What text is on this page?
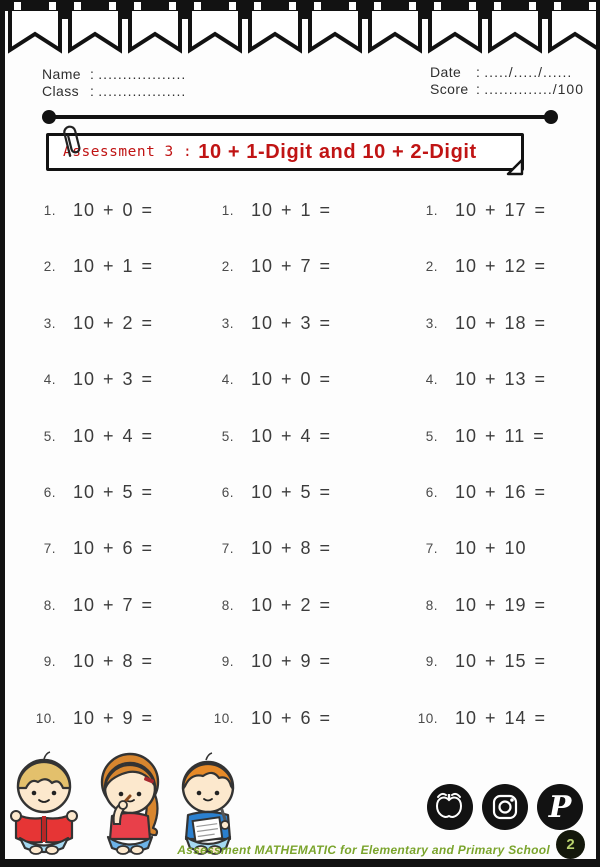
Name : ..................
Class : ..................
Date	: ...../...../......
Score : ............../100
Assessment 3 : 10 + 1-Digit and 10 + 2-Digit
1. 10 + 0 =
2. 10 + 1 =
3. 10 + 2 =
4. 10 + 3 =
5. 10 + 4 =
6. 10 + 5 =
7. 10 + 6 =
8. 10 + 7 =
9. 10 + 8 =
10. 10 + 9 =
1. 10 + 1 =
2. 10 + 7 =
3. 10 + 3 =
4. 10 + 0 =
5. 10 + 4 =
6. 10 + 5 =
7. 10 + 8 =
8. 10 + 2 =
9. 10 + 9 =
10. 10 + 6 =
1. 10 + 17 =
2. 10 + 12 =
3. 10 + 18 =
4. 10 + 13 =
5. 10 + 11 =
6. 10 + 16 =
7. 10 + 10
8. 10 + 19 =
9. 10 + 15 =
10. 10 + 14 =
P
Assessment MATHEMATIC for Elementary and Primary School	2
